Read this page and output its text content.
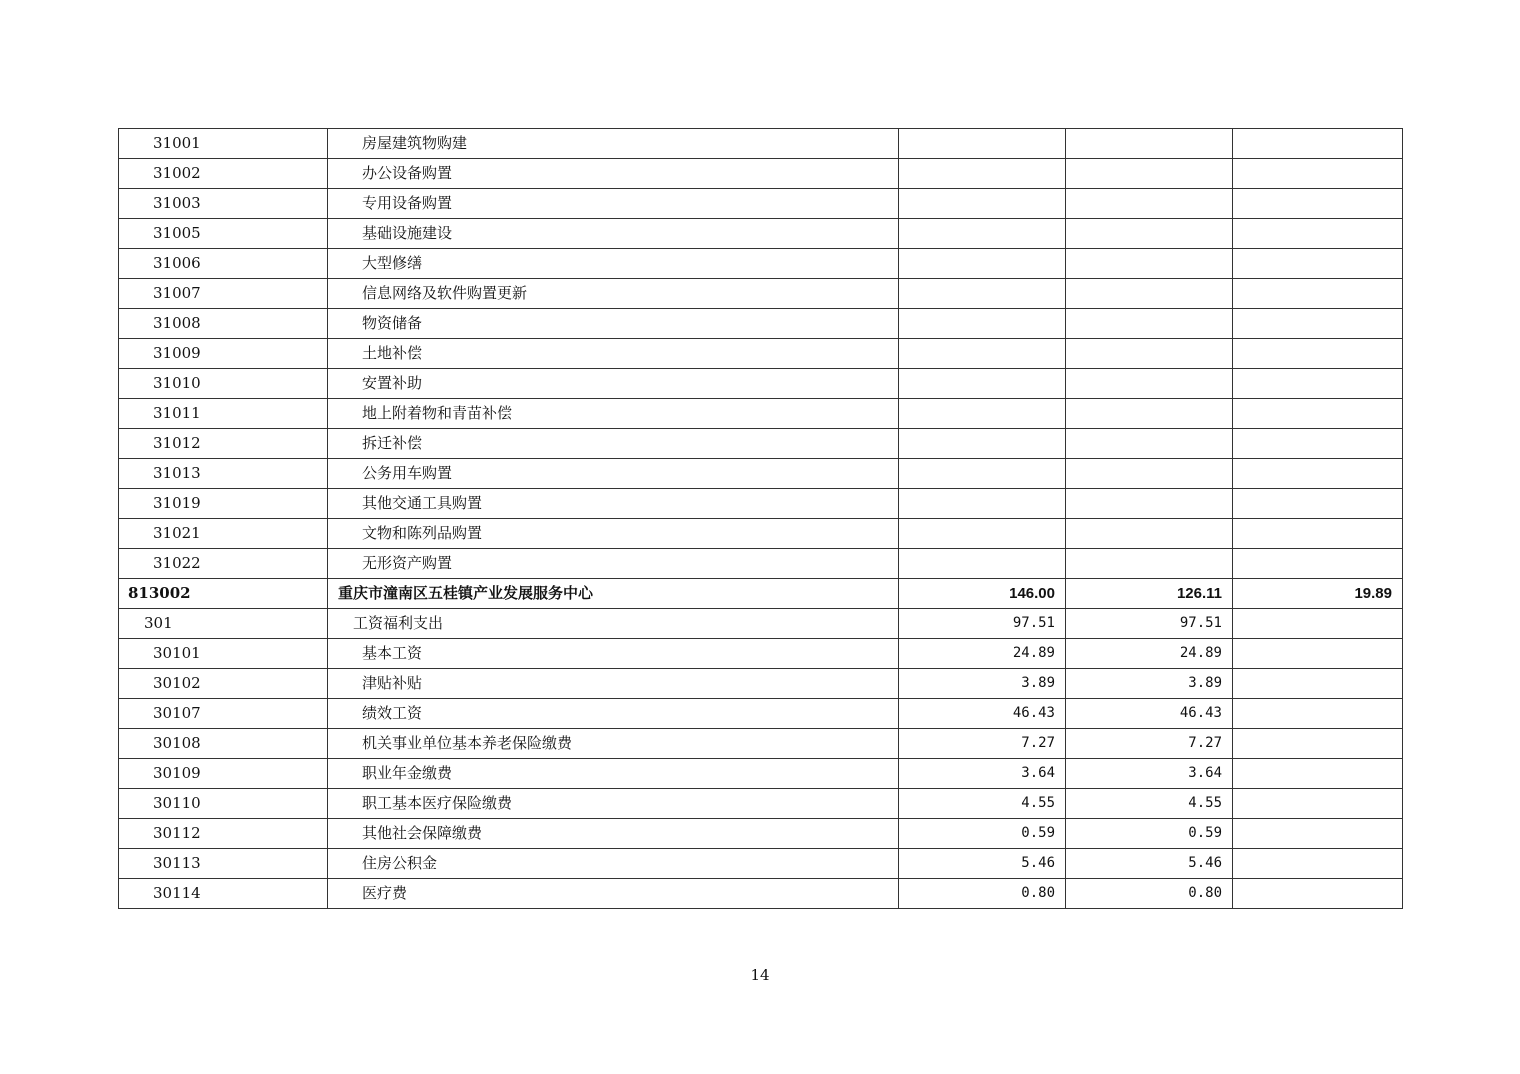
31001	房屋建筑物购建			
31002	办公设备购置			
31003	专用设备购置			
31005	基础设施建设			
31006	大型修缮			
31007	信息网络及软件购置更新			
31008	物资储备			
31009	土地补偿			
31010	安置补助			
31011	地上附着物和青苗补偿			
31012	拆迁补偿			
31013	公务用车购置			
31019	其他交通工具购置			
31021	文物和陈列品购置			
31022	无形资产购置			
813002	重庆市潼南区五桂镇产业发展服务中心	146.00	126.11	19.89
301	工资福利支出	97.51	97.51	
30101	基本工资	24.89	24.89	
30102	津贴补贴	3.89	3.89	
30107	绩效工资	46.43	46.43	
30108	机关事业单位基本养老保险缴费	7.27	7.27	
30109	职业年金缴费	3.64	3.64	
30110	职工基本医疗保险缴费	4.55	4.55	
30112	其他社会保障缴费	0.59	0.59	
30113	住房公积金	5.46	5.46	
30114	医疗费	0.80	0.80	
14
